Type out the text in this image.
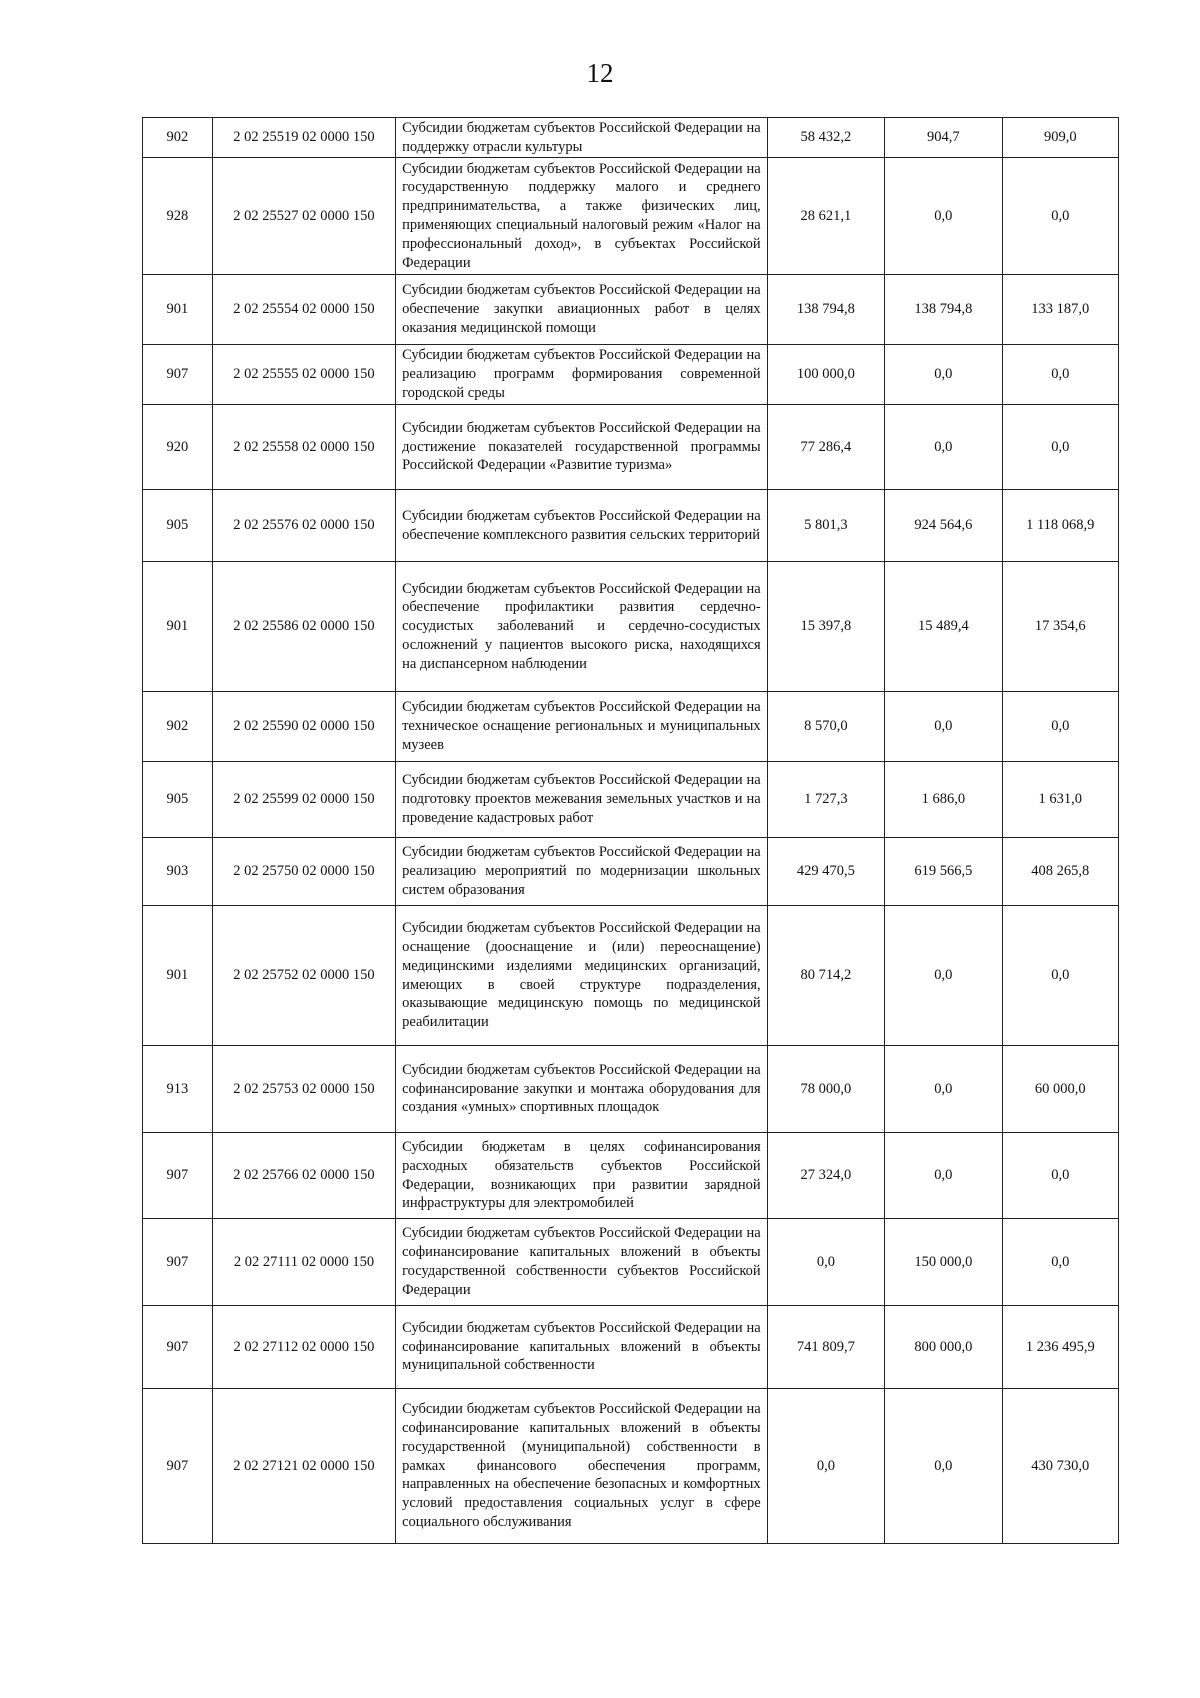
12
902	2 02 25519 02 0000 150	Субсидии бюджетам субъектов Российской Федерации на поддержку отрасли культуры	58 432,2	904,7	909,0
928	2 02 25527 02 0000 150	Субсидии бюджетам субъектов Российской Федерации на государственную поддержку малого и среднего предпринимательства, а также физических лиц, применяющих специальный налоговый режим «Налог на профессиональный доход», в субъектах Российской Федерации	28 621,1	0,0	0,0
901	2 02 25554 02 0000 150	Субсидии бюджетам субъектов Российской Федерации на обеспечение закупки авиационных работ в целях оказания медицинской помощи	138 794,8	138 794,8	133 187,0
907	2 02 25555 02 0000 150	Субсидии бюджетам субъектов Российской Федерации на реализацию программ формирования современной городской среды	100 000,0	0,0	0,0
920	2 02 25558 02 0000 150	Субсидии бюджетам субъектов Российской Федерации на достижение показателей государственной программы Российской Федерации «Развитие туризма»	77 286,4	0,0	0,0
905	2 02 25576 02 0000 150	Субсидии бюджетам субъектов Российской Федерации на обеспечение комплексного развития сельских территорий	5 801,3	924 564,6	1 118 068,9
901	2 02 25586 02 0000 150	Субсидии бюджетам субъектов Российской Федерации на обеспечение профилактики развития сердечно-сосудистых заболеваний и сердечно-сосудистых осложнений у пациентов высокого риска, находящихся на диспансерном наблюдении	15 397,8	15 489,4	17 354,6
902	2 02 25590 02 0000 150	Субсидии бюджетам субъектов Российской Федерации на техническое оснащение региональных и муниципальных музеев	8 570,0	0,0	0,0
905	2 02 25599 02 0000 150	Субсидии бюджетам субъектов Российской Федерации на подготовку проектов межевания земельных участков и на проведение кадастровых работ	1 727,3	1 686,0	1 631,0
903	2 02 25750 02 0000 150	Субсидии бюджетам субъектов Российской Федерации на реализацию мероприятий по модернизации школьных систем образования	429 470,5	619 566,5	408 265,8
901	2 02 25752 02 0000 150	Субсидии бюджетам субъектов Российской Федерации на оснащение (дооснащение и (или) переоснащение) медицинскими изделиями медицинских организаций, имеющих в своей структуре подразделения, оказывающие медицинскую помощь по медицинской реабилитации	80 714,2	0,0	0,0
913	2 02 25753 02 0000 150	Субсидии бюджетам субъектов Российской Федерации на софинансирование закупки и монтажа оборудования для создания «умных» спортивных площадок	78 000,0	0,0	60 000,0
907	2 02 25766 02 0000 150	Субсидии бюджетам в целях софинансирования расходных обязательств субъектов Российской Федерации, возникающих при развитии зарядной инфраструктуры для электромобилей	27 324,0	0,0	0,0
907	2 02 27111 02 0000 150	Субсидии бюджетам субъектов Российской Федерации на софинансирование капитальных вложений в объекты государственной собственности субъектов Российской Федерации	0,0	150 000,0	0,0
907	2 02 27112 02 0000 150	Субсидии бюджетам субъектов Российской Федерации на софинансирование капитальных вложений в объекты муниципальной собственности	741 809,7	800 000,0	1 236 495,9
907	2 02 27121 02 0000 150	Субсидии бюджетам субъектов Российской Федерации на софинансирование капитальных вложений в объекты государственной (муниципальной) собственности в рамках финансового обеспечения программ, направленных на обеспечение безопасных и комфортных условий предоставления социальных услуг в сфере социального обслуживания	0,0	0,0	430 730,0
